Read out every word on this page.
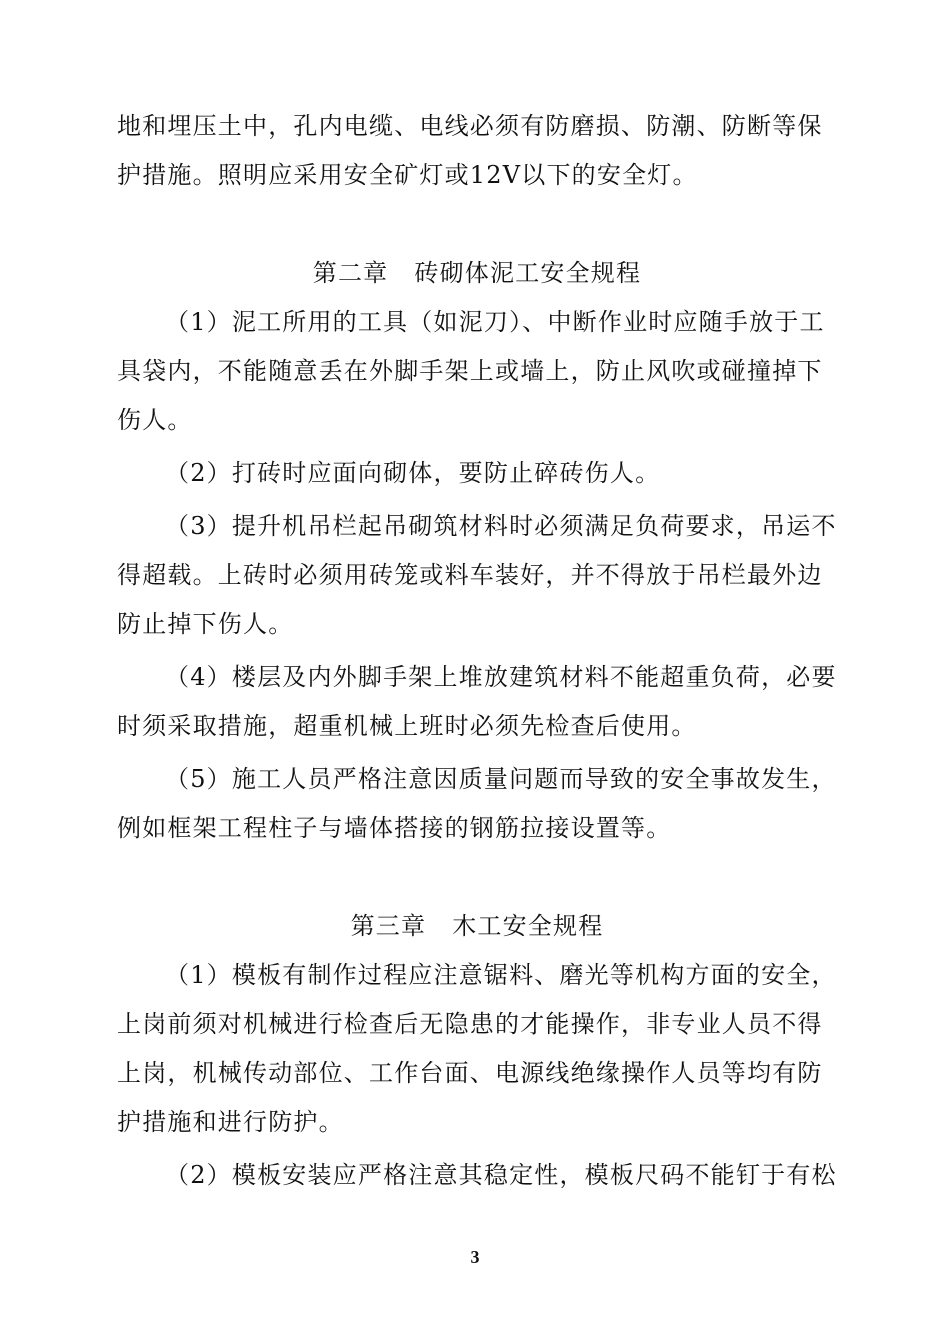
地和埋压土中，孔内电缆、电线必须有防磨损、防潮、防断等保
护措施。照明应采用安全矿灯或12V以下的安全灯。
第二章 砖砌体泥工安全规程
（1）泥工所用的工具（如泥刀）、中断作业时应随手放于工
具袋内，不能随意丢在外脚手架上或墙上，防止风吹或碰撞掉下
伤人。
（2）打砖时应面向砌体，要防止碎砖伤人。
（3）提升机吊栏起吊砌筑材料时必须满足负荷要求，吊运不
得超载。上砖时必须用砖笼或料车装好，并不得放于吊栏最外边
防止掉下伤人。
（4）楼层及内外脚手架上堆放建筑材料不能超重负荷，必要
时须采取措施，超重机械上班时必须先检查后使用。
（5）施工人员严格注意因质量问题而导致的安全事故发生，
例如框架工程柱子与墙体搭接的钢筋拉接设置等。
第三章 木工安全规程
（1）模板有制作过程应注意锯料、磨光等机构方面的安全，
上岗前须对机械进行检查后无隐患的才能操作，非专业人员不得
上岗，机械传动部位、工作台面、电源线绝缘操作人员等均有防
护措施和进行防护。
（2）模板安装应严格注意其稳定性，模板尺码不能钉于有松
3
